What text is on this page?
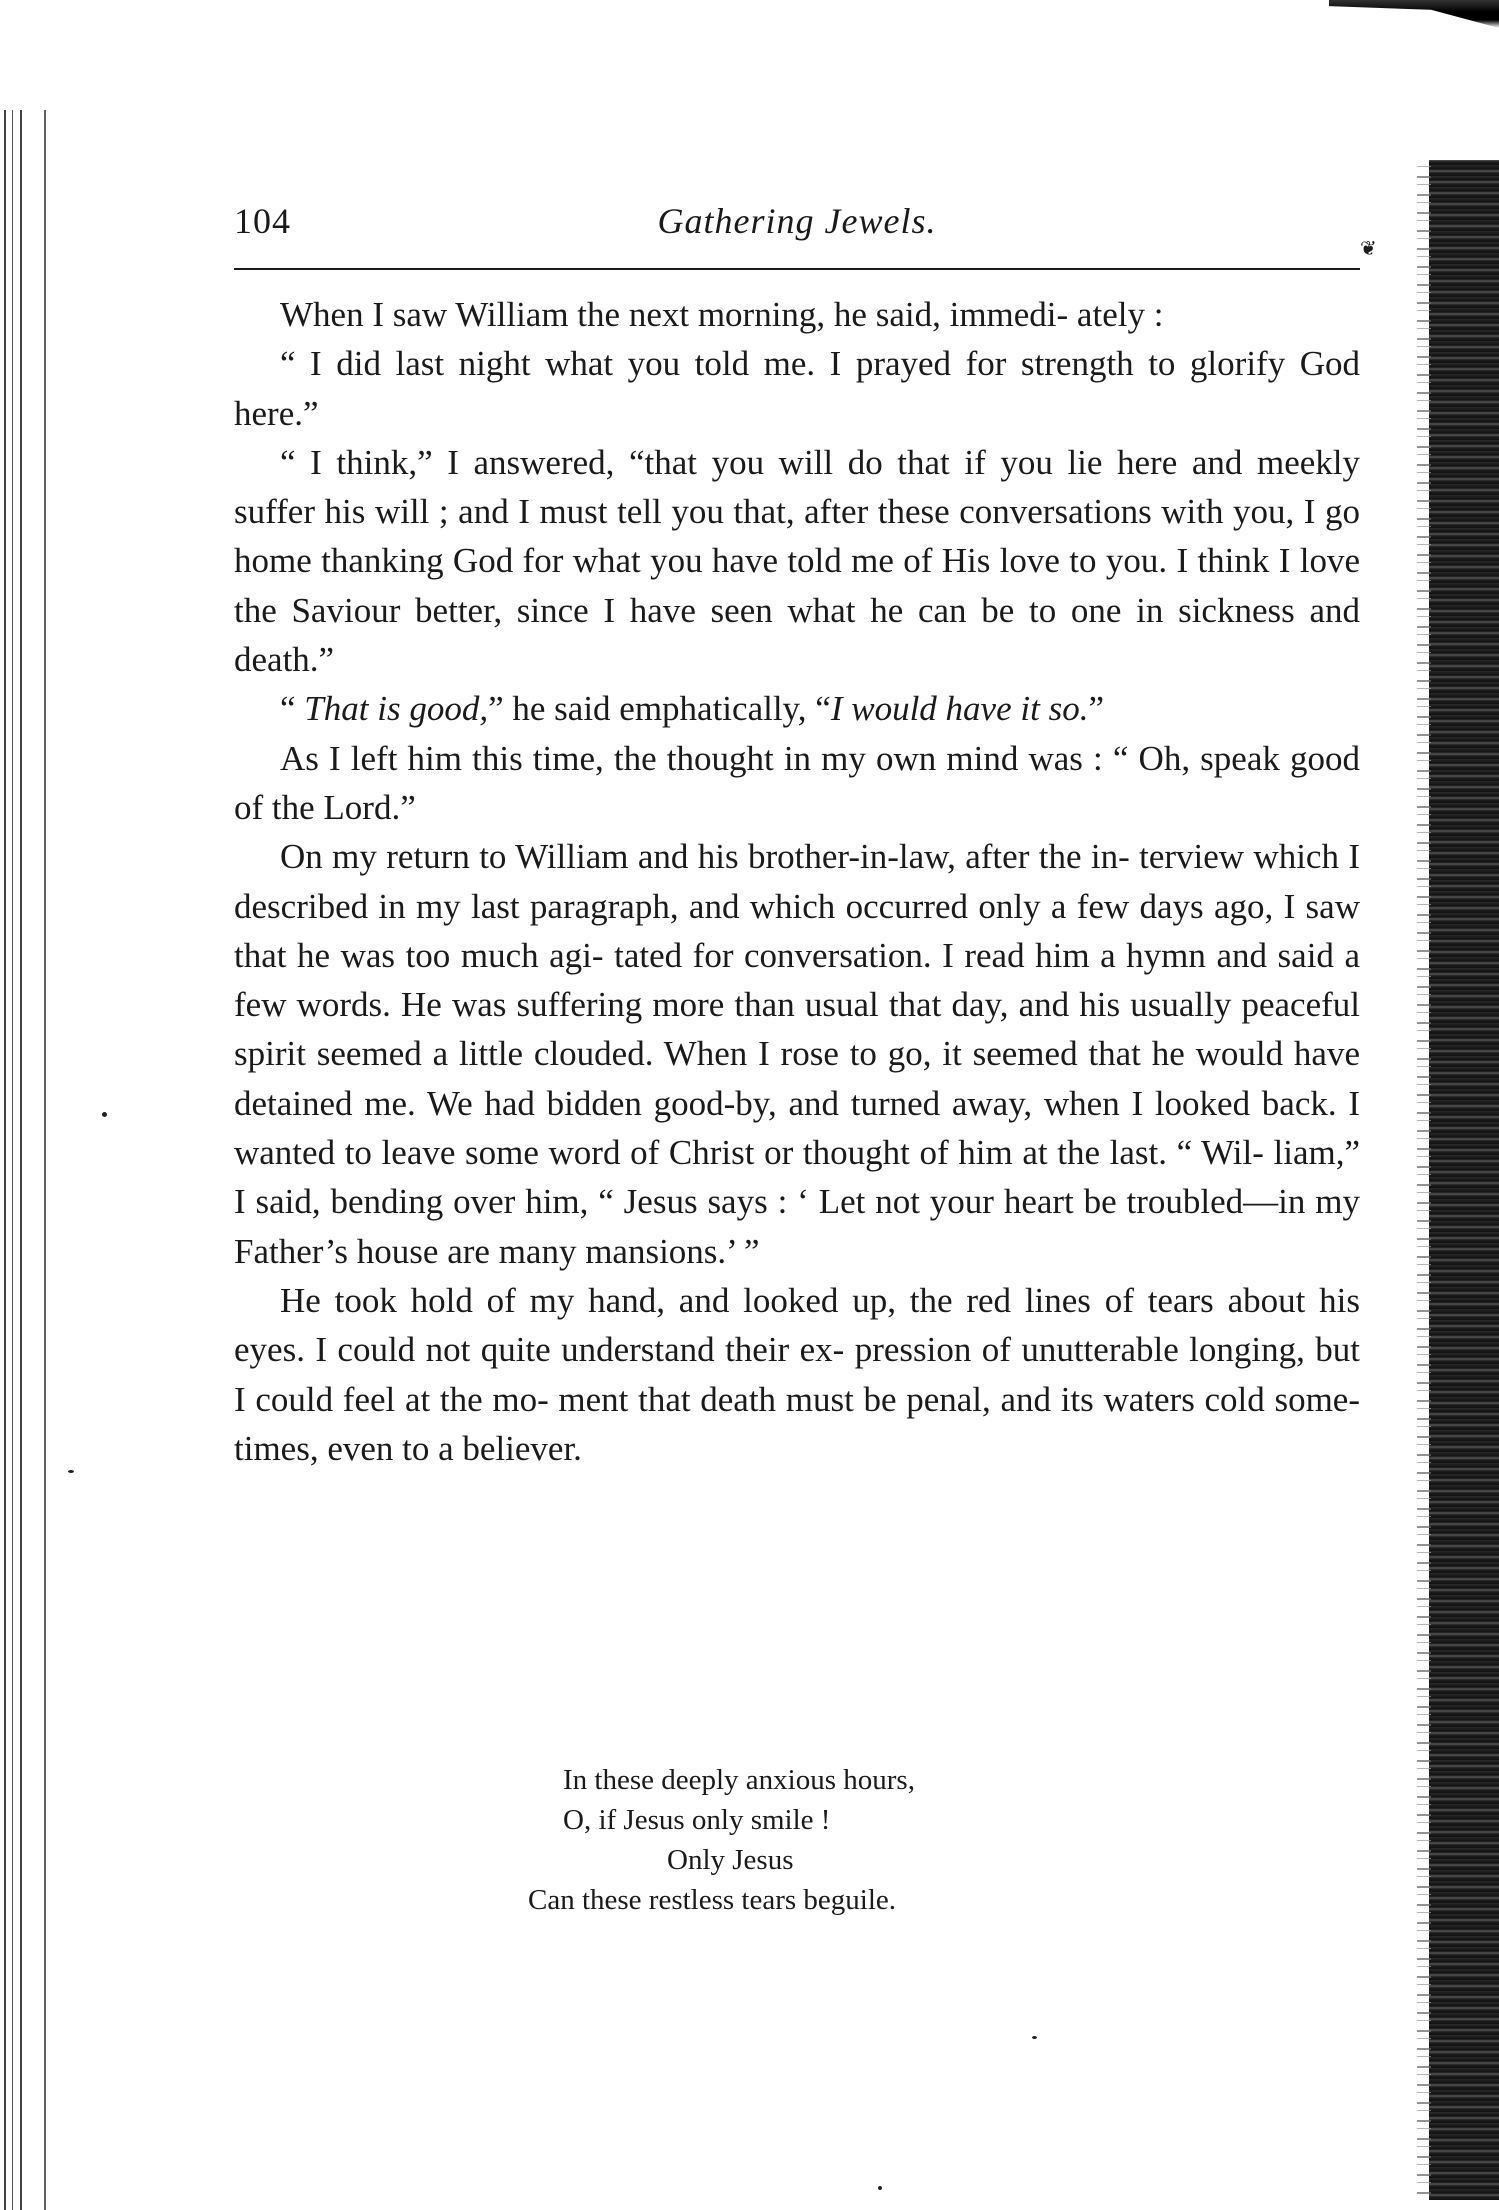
104	Gathering Jewels.
❦

When I saw William the next morning, he said, immedi- ately :

“ I did last night what you told me. I prayed for strength to glorify God here.”

“ I think,” I answered, “that you will do that if you lie here and meekly suffer his will ; and I must tell you that, after these conversations with you, I go home thanking God for what you have told me of His love to you. I think I love the Saviour better, since I have seen what he can be to one in sickness and death.”

“ That is good,” he said emphatically, “I would have it so.”

As I left him this time, the thought in my own mind was : “ Oh, speak good of the Lord.”

On my return to William and his brother-in-law, after the in- terview which I described in my last paragraph, and which occurred only a few days ago, I saw that he was too much agi- tated for conversation. I read him a hymn and said a few words. He was suffering more than usual that day, and his usually peaceful spirit seemed a little clouded. When I rose to go, it seemed that he would have detained me. We had bidden good-by, and turned away, when I looked back. I wanted to leave some word of Christ or thought of him at the last. “ Wil- liam,” I said, bending over him, “ Jesus says : ‘ Let not your heart be troubled—in my Father’s house are many mansions.’ ”

He took hold of my hand, and looked up, the red lines of tears about his eyes. I could not quite understand their ex- pression of unutterable longing, but I could feel at the mo- ment that death must be penal, and its waters cold some- times, even to a believer.

In these deeply anxious hours,
O, if Jesus only smile !
Only Jesus
Can these restless tears beguile.
